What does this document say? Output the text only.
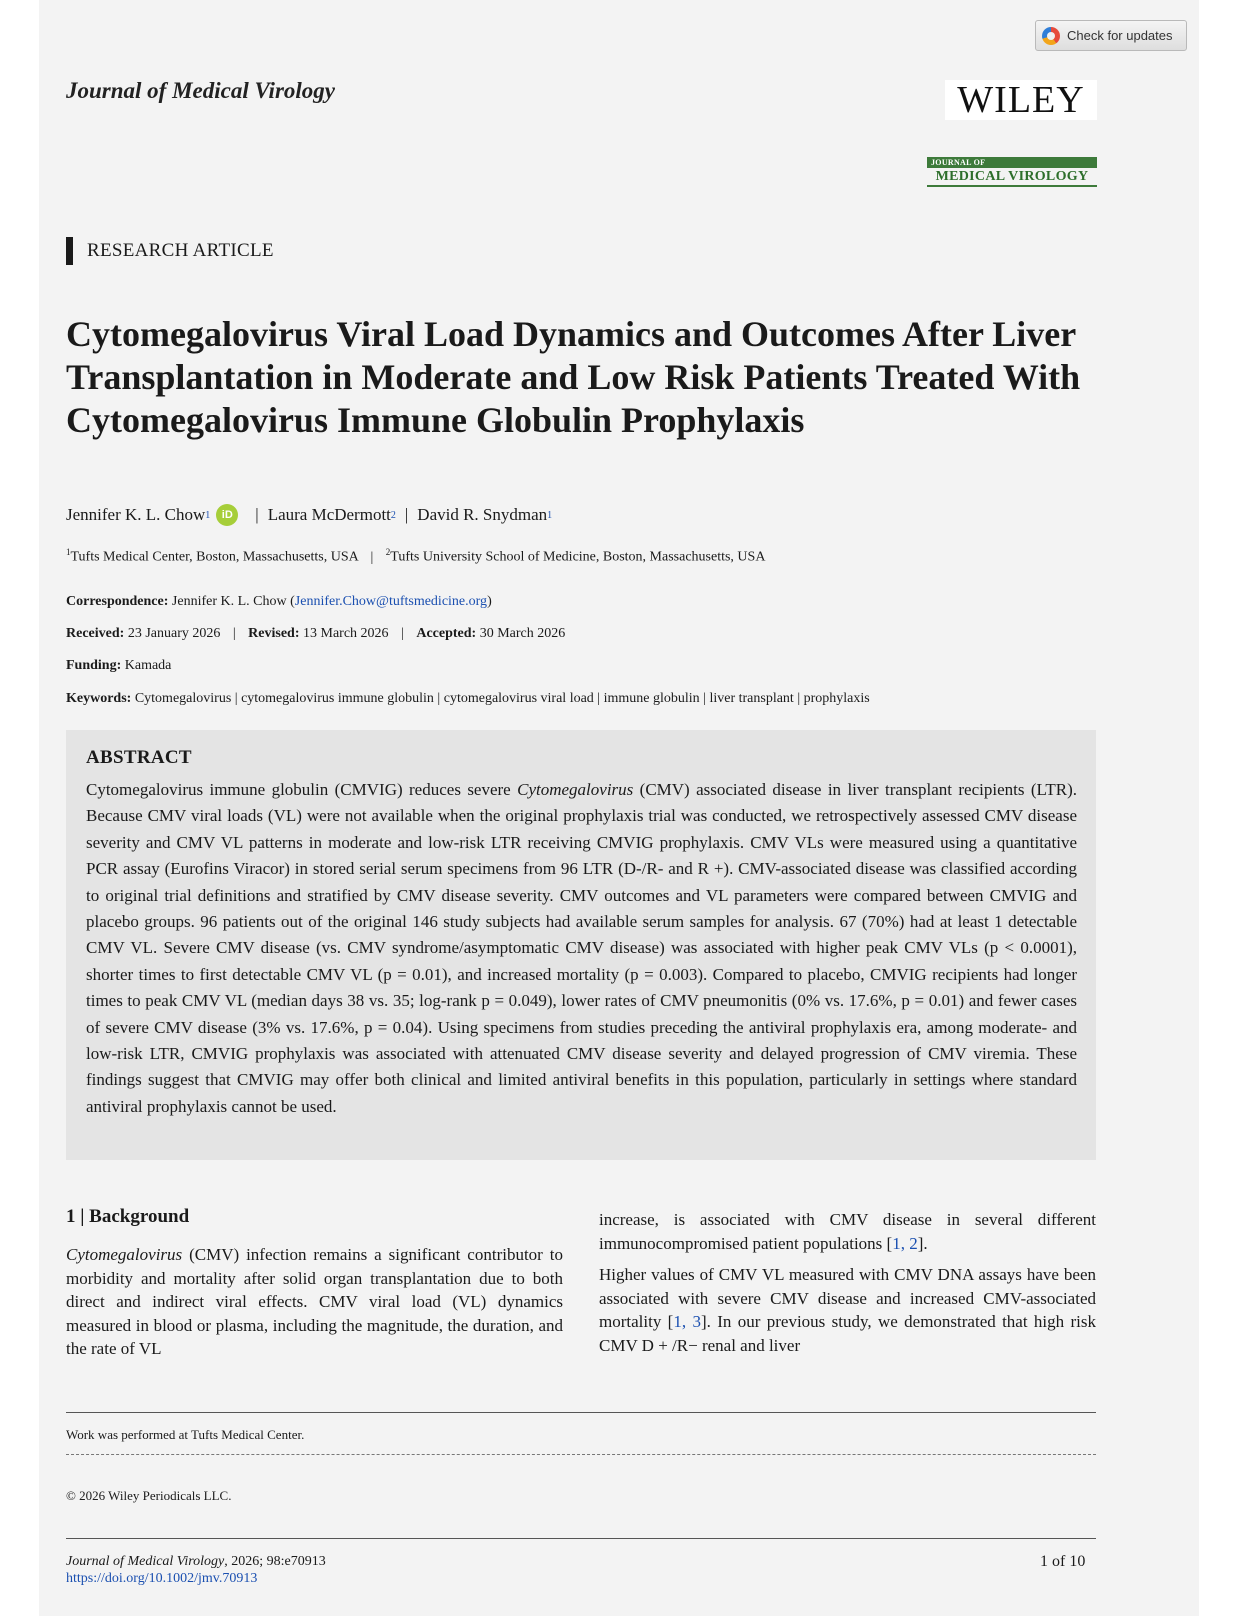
Check for updates
Journal of Medical Virology	WILEY
JOURNAL OF
MEDICAL VIROLOGY
RESEARCH ARTICLE
Cytomegalovirus Viral Load Dynamics and Outcomes After Liver Transplantation in Moderate and Low Risk Patients Treated With Cytomegalovirus Immune Globulin Prophylaxis
Jennifer K. L. Chow 1	iD	| Laura McDermott 2 | David R. Snydman 1
$^1$Tufts Medical Center, Boston, Massachusetts, USA | $^2$Tufts University School of Medicine, Boston, Massachusetts, USA
Correspondence: Jennifer K. L. Chow (Jennifer.Chow@tuftsmedicine.org)
Received: 23 January 2026 | Revised: 13 March 2026 | Accepted: 30 March 2026
Funding: Kamada
Keywords: Cytomegalovirus | cytomegalovirus immune globulin | cytomegalovirus viral load | immune globulin | liver transplant | prophylaxis
ABSTRACT

Cytomegalovirus immune globulin (CMVIG) reduces severe Cytomegalovirus (CMV) associated disease in liver transplant recipients (LTR). Because CMV viral loads (VL) were not available when the original prophylaxis trial was conducted, we retrospectively assessed CMV disease severity and CMV VL patterns in moderate and low-risk LTR receiving CMVIG prophylaxis. CMV VLs were measured using a quantitative PCR assay (Eurofins Viracor) in stored serial serum specimens from 96 LTR (D-/R- and R +). CMV-associated disease was classified according to original trial definitions and stratified by CMV disease severity. CMV outcomes and VL parameters were compared between CMVIG and placebo groups. 96 patients out of the original 146 study subjects had available serum samples for analysis. 67 (70%) had at least 1 detectable CMV VL. Severe CMV disease (vs. CMV syndrome/asymptomatic CMV disease) was associated with higher peak CMV VLs (p < 0.0001), shorter times to first detectable CMV VL (p = 0.01), and increased mortality (p = 0.003). Compared to placebo, CMVIG recipients had longer times to peak CMV VL (median days 38 vs. 35; log-rank p = 0.049), lower rates of CMV pneumonitis (0% vs. 17.6%, p = 0.01) and fewer cases of severe CMV disease (3% vs. 17.6%, p = 0.04). Using specimens from studies preceding the antiviral prophylaxis era, among moderate- and low-risk LTR, CMVIG prophylaxis was associated with attenuated CMV disease severity and delayed progression of CMV viremia. These findings suggest that CMVIG may offer both clinical and limited antiviral benefits in this population, particularly in settings where standard antiviral prophylaxis cannot be used.

1 | Background

Cytomegalovirus (CMV) infection remains a significant contributor to morbidity and mortality after solid organ transplantation due to both direct and indirect viral effects. CMV viral load (VL) dynamics measured in blood or plasma, including the magnitude, the duration, and the rate of VL

increase, is associated with CMV disease in several different immunocompromised patient populations [1, 2].

Higher values of CMV VL measured with CMV DNA assays have been associated with severe CMV disease and increased CMV-associated mortality [1, 3]. In our previous study, we demonstrated that high risk CMV D + /R− renal and liver

Work was performed at Tufts Medical Center.
© 2026 Wiley Periodicals LLC.
Journal of Medical Virology, 2026; 98:e70913
https://doi.org/10.1002/jmv.70913
1 of 10
